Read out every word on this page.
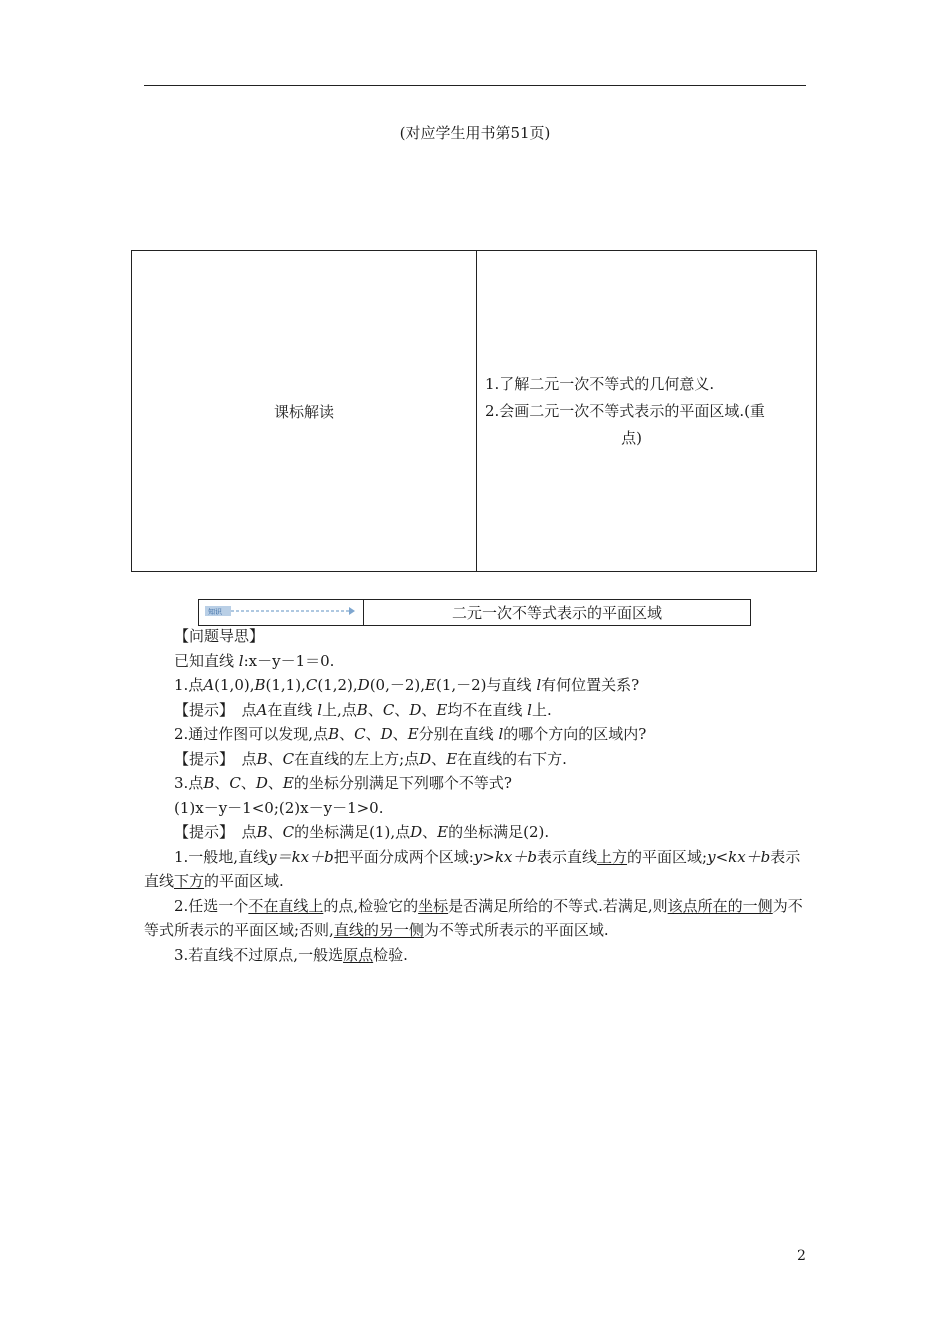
(对应学生用书第51页)
课标解读

1.了解二元一次不等式的几何意义.

2.会画二元一次不等式表示的平面区域.(重

点)

知识	二元一次不等式表示的平面区域

【问题导思】

已知直线 l:x－y－1＝0.

1.点A(1,0),B(1,1),C(1,2),D(0,－2),E(1,－2)与直线 l有何位置关系?

【提示】　 点A在直线 l上,点B、C、D、E均不在直线 l上.

2.通过作图可以发现,点B、C、D、E分别在直线 l的哪个方向的区域内?

【提示】　 点B、C在直线的左上方;点D、E在直线的右下方.

3.点B、C、D、E的坐标分别满足下列哪个不等式?

(1)x－y－1<0;(2)x－y－1>0.

【提示】　 点B、C的坐标满足(1),点D、E的坐标满足(2).

1.一般地,直线y＝kx＋b把平面分成两个区域:y>kx＋b表示直线上方的平面区域;y<kx＋b表示直线下方的平面区域.

2.任选一个不在直线上的点,检验它的坐标是否满足所给的不等式.若满足,则该点所在的一侧为不等式所表示的平面区域;否则,直线的另一侧为不等式所表示的平面区域.

3.若直线不过原点,一般选原点检验.

2
